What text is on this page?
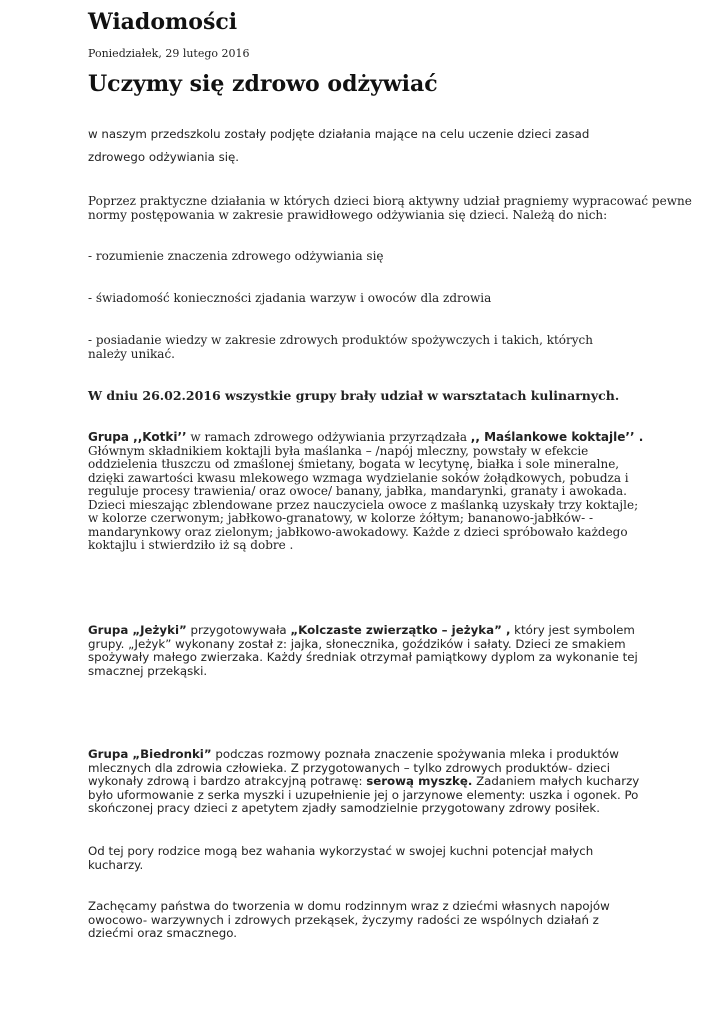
Wiadomości
Poniedziałek, 29 lutego 2016
Uczymy się zdrowo odżywiać

w naszym przedszkolu zostały podjęte działania mające na celu uczenie dzieci zasad zdrowego odżywiania się.

Poprzez praktyczne działania w których dzieci biorą aktywny udział pragniemy wypracować pewne normy postępowania w zakresie prawidłowego odżywiania się dzieci. Należą do nich:

- rozumienie znaczenia zdrowego odżywiania się

- świadomość konieczności zjadania warzyw i owoców dla zdrowia

- posiadanie wiedzy w zakresie zdrowych produktów spożywczych i takich, których należy unikać.

W dniu 26.02.2016 wszystkie grupy brały udział w warsztatach kulinarnych.

Grupa ,,Kotki’’ w ramach zdrowego odżywiania przyrządzała ,, Maślankowe koktajle’’ . Głównym składnikiem koktajli była maślanka – /napój mleczny, powstały w efekcie oddzielenia tłuszczu od zmaślonej śmietany, bogata w lecytynę, białka i sole mineralne, dzięki zawartości kwasu mlekowego wzmaga wydzielanie soków żołądkowych, pobudza i reguluje procesy trawienia/ oraz owoce/ banany, jabłka, mandarynki, granaty i awokada. Dzieci mieszając zblendowane przez nauczyciela owoce z maślanką uzyskały trzy koktajle; w kolorze czerwonym; jabłkowo-granatowy, w kolorze żółtym; bananowo-jabłków- -mandarynkowy oraz zielonym; jabłkowo-awokadowy. Każde z dzieci spróbowało każdego koktajlu i stwierdziło iż są dobre .

Grupa „Jeżyki” przygotowywała „Kolczaste zwierzątko – jeżyka” , który jest symbolem grupy. „Jeżyk” wykonany został z: jajka, słonecznika, goździków i sałaty. Dzieci ze smakiem spożywały małego zwierzaka. Każdy średniak otrzymał pamiątkowy dyplom za wykonanie tej smacznej przekąski.

Grupa „Biedronki” podczas rozmowy poznała znaczenie spożywania mleka i produktów mlecznych dla zdrowia człowieka. Z przygotowanych – tylko zdrowych produktów- dzieci wykonały zdrową i bardzo atrakcyjną potrawę: serową myszkę. Zadaniem małych kucharzy było uformowanie z serka myszki i uzupełnienie jej o jarzynowe elementy: uszka i ogonek. Po skończonej pracy dzieci z apetytem zjadły samodzielnie przygotowany zdrowy posiłek.

Od tej pory rodzice mogą bez wahania wykorzystać w swojej kuchni potencjał małych kucharzy.

Zachęcamy państwa do tworzenia w domu rodzinnym wraz z dziećmi własnych napojów owocowo- warzywnych i zdrowych przekąsek, życzymy radości ze wspólnych działań z dziećmi oraz smacznego.
